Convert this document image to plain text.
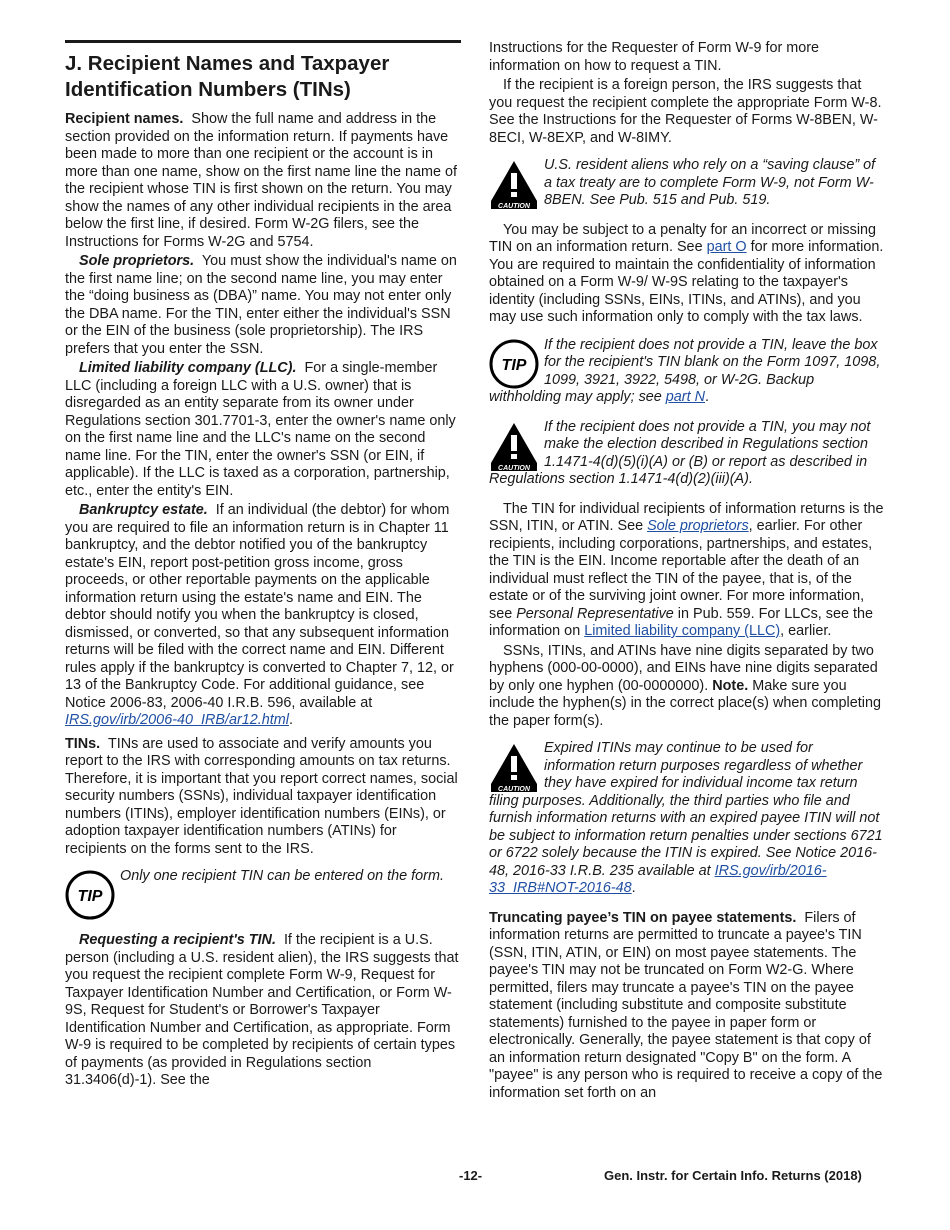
J. Recipient Names and Taxpayer Identification Numbers (TINs)

Recipient names. Show the full name and address in the section provided on the information return. If payments have been made to more than one recipient or the account is in more than one name, show on the first name line the name of the recipient whose TIN is first shown on the return. You may show the names of any other individual recipients in the area below the first line, if desired. Form W-2G filers, see the Instructions for Forms W-2G and 5754.

Sole proprietors. You must show the individual's name on the first name line; on the second name line, you may enter the “doing business as (DBA)” name. You may not enter only the DBA name. For the TIN, enter either the individual's SSN or the EIN of the business (sole proprietorship). The IRS prefers that you enter the SSN.

Limited liability company (LLC). For a single-member LLC (including a foreign LLC with a U.S. owner) that is disregarded as an entity separate from its owner under Regulations section 301.7701-3, enter the owner's name only on the first name line and the LLC's name on the second name line. For the TIN, enter the owner's SSN (or EIN, if applicable). If the LLC is taxed as a corporation, partnership, etc., enter the entity's EIN.

Bankruptcy estate. If an individual (the debtor) for whom you are required to file an information return is in Chapter 11 bankruptcy, and the debtor notified you of the bankruptcy estate's EIN, report post-petition gross income, gross proceeds, or other reportable payments on the applicable information return using the estate's name and EIN. The debtor should notify you when the bankruptcy is closed, dismissed, or converted, so that any subsequent information returns will be filed with the correct name and EIN. Different rules apply if the bankruptcy is converted to Chapter 7, 12, or 13 of the Bankruptcy Code. For additional guidance, see Notice 2006-83, 2006-40 I.R.B. 596, available at IRS.gov/irb/2006-40_IRB/ar12.html.

TINs. TINs are used to associate and verify amounts you report to the IRS with corresponding amounts on tax returns. Therefore, it is important that you report correct names, social security numbers (SSNs), individual taxpayer identification numbers (ITINs), employer identification numbers (EINs), or adoption taxpayer identification numbers (ATINs) for recipients on the forms sent to the IRS.

TIP
Only one recipient TIN can be entered on the form.

Requesting a recipient's TIN. If the recipient is a U.S. person (including a U.S. resident alien), the IRS suggests that you request the recipient complete Form W-9, Request for Taxpayer Identification Number and Certification, or Form W-9S, Request for Student's or Borrower's Taxpayer Identification Number and Certification, as appropriate. Form W-9 is required to be completed by recipients of certain types of payments (as provided in Regulations section 31.3406(d)-1). See the

Instructions for the Requester of Form W-9 for more information on how to request a TIN.

If the recipient is a foreign person, the IRS suggests that you request the recipient complete the appropriate Form W-8. See the Instructions for the Requester of Forms W-8BEN, W-8ECI, W-8EXP, and W-8IMY.

CAUTION
U.S. resident aliens who rely on a “saving clause” of a tax treaty are to complete Form W-9, not Form W-8BEN. See Pub. 515 and Pub. 519.

You may be subject to a penalty for an incorrect or missing TIN on an information return. See part O for more information. You are required to maintain the confidentiality of information obtained on a Form W-9/ W-9S relating to the taxpayer's identity (including SSNs, EINs, ITINs, and ATINs), and you may use such information only to comply with the tax laws.

TIP
If the recipient does not provide a TIN, leave the box for the recipient's TIN blank on the Form 1097, 1098, 1099, 3921, 3922, 5498, or W-2G. Backup withholding may apply; see part N.
CAUTION
If the recipient does not provide a TIN, you may not make the election described in Regulations section 1.1471-4(d)(5)(i)(A) or (B) or report as described in Regulations section 1.1471-4(d)(2)(iii)(A).

The TIN for individual recipients of information returns is the SSN, ITIN, or ATIN. See Sole proprietors, earlier. For other recipients, including corporations, partnerships, and estates, the TIN is the EIN. Income reportable after the death of an individual must reflect the TIN of the payee, that is, of the estate or of the surviving joint owner. For more information, see Personal Representative in Pub. 559. For LLCs, see the information on Limited liability company (LLC), earlier.

SSNs, ITINs, and ATINs have nine digits separated by two hyphens (000-00-0000), and EINs have nine digits separated by only one hyphen (00-0000000). Note. Make sure you include the hyphen(s) in the correct place(s) when completing the paper form(s).

CAUTION
Expired ITINs may continue to be used for information return purposes regardless of whether they have expired for individual income tax return filing purposes. Additionally, the third parties who file and furnish information returns with an expired payee ITIN will not be subject to information return penalties under sections 6721 or 6722 solely because the ITIN is expired. See Notice 2016-48, 2016-33 I.R.B. 235 available at IRS.gov/irb/2016-33_IRB#NOT-2016-48.

Truncating payee’s TIN on payee statements. Filers of information returns are permitted to truncate a payee's TIN (SSN, ITIN, ATIN, or EIN) on most payee statements. The payee's TIN may not be truncated on Form W2-G. Where permitted, filers may truncate a payee's TIN on the payee statement (including substitute and composite substitute statements) furnished to the payee in paper form or electronically. Generally, the payee statement is that copy of an information return designated "Copy B" on the form. A "payee" is any person who is required to receive a copy of the information set forth on an

-12-	Gen. Instr. for Certain Info. Returns (2018)
